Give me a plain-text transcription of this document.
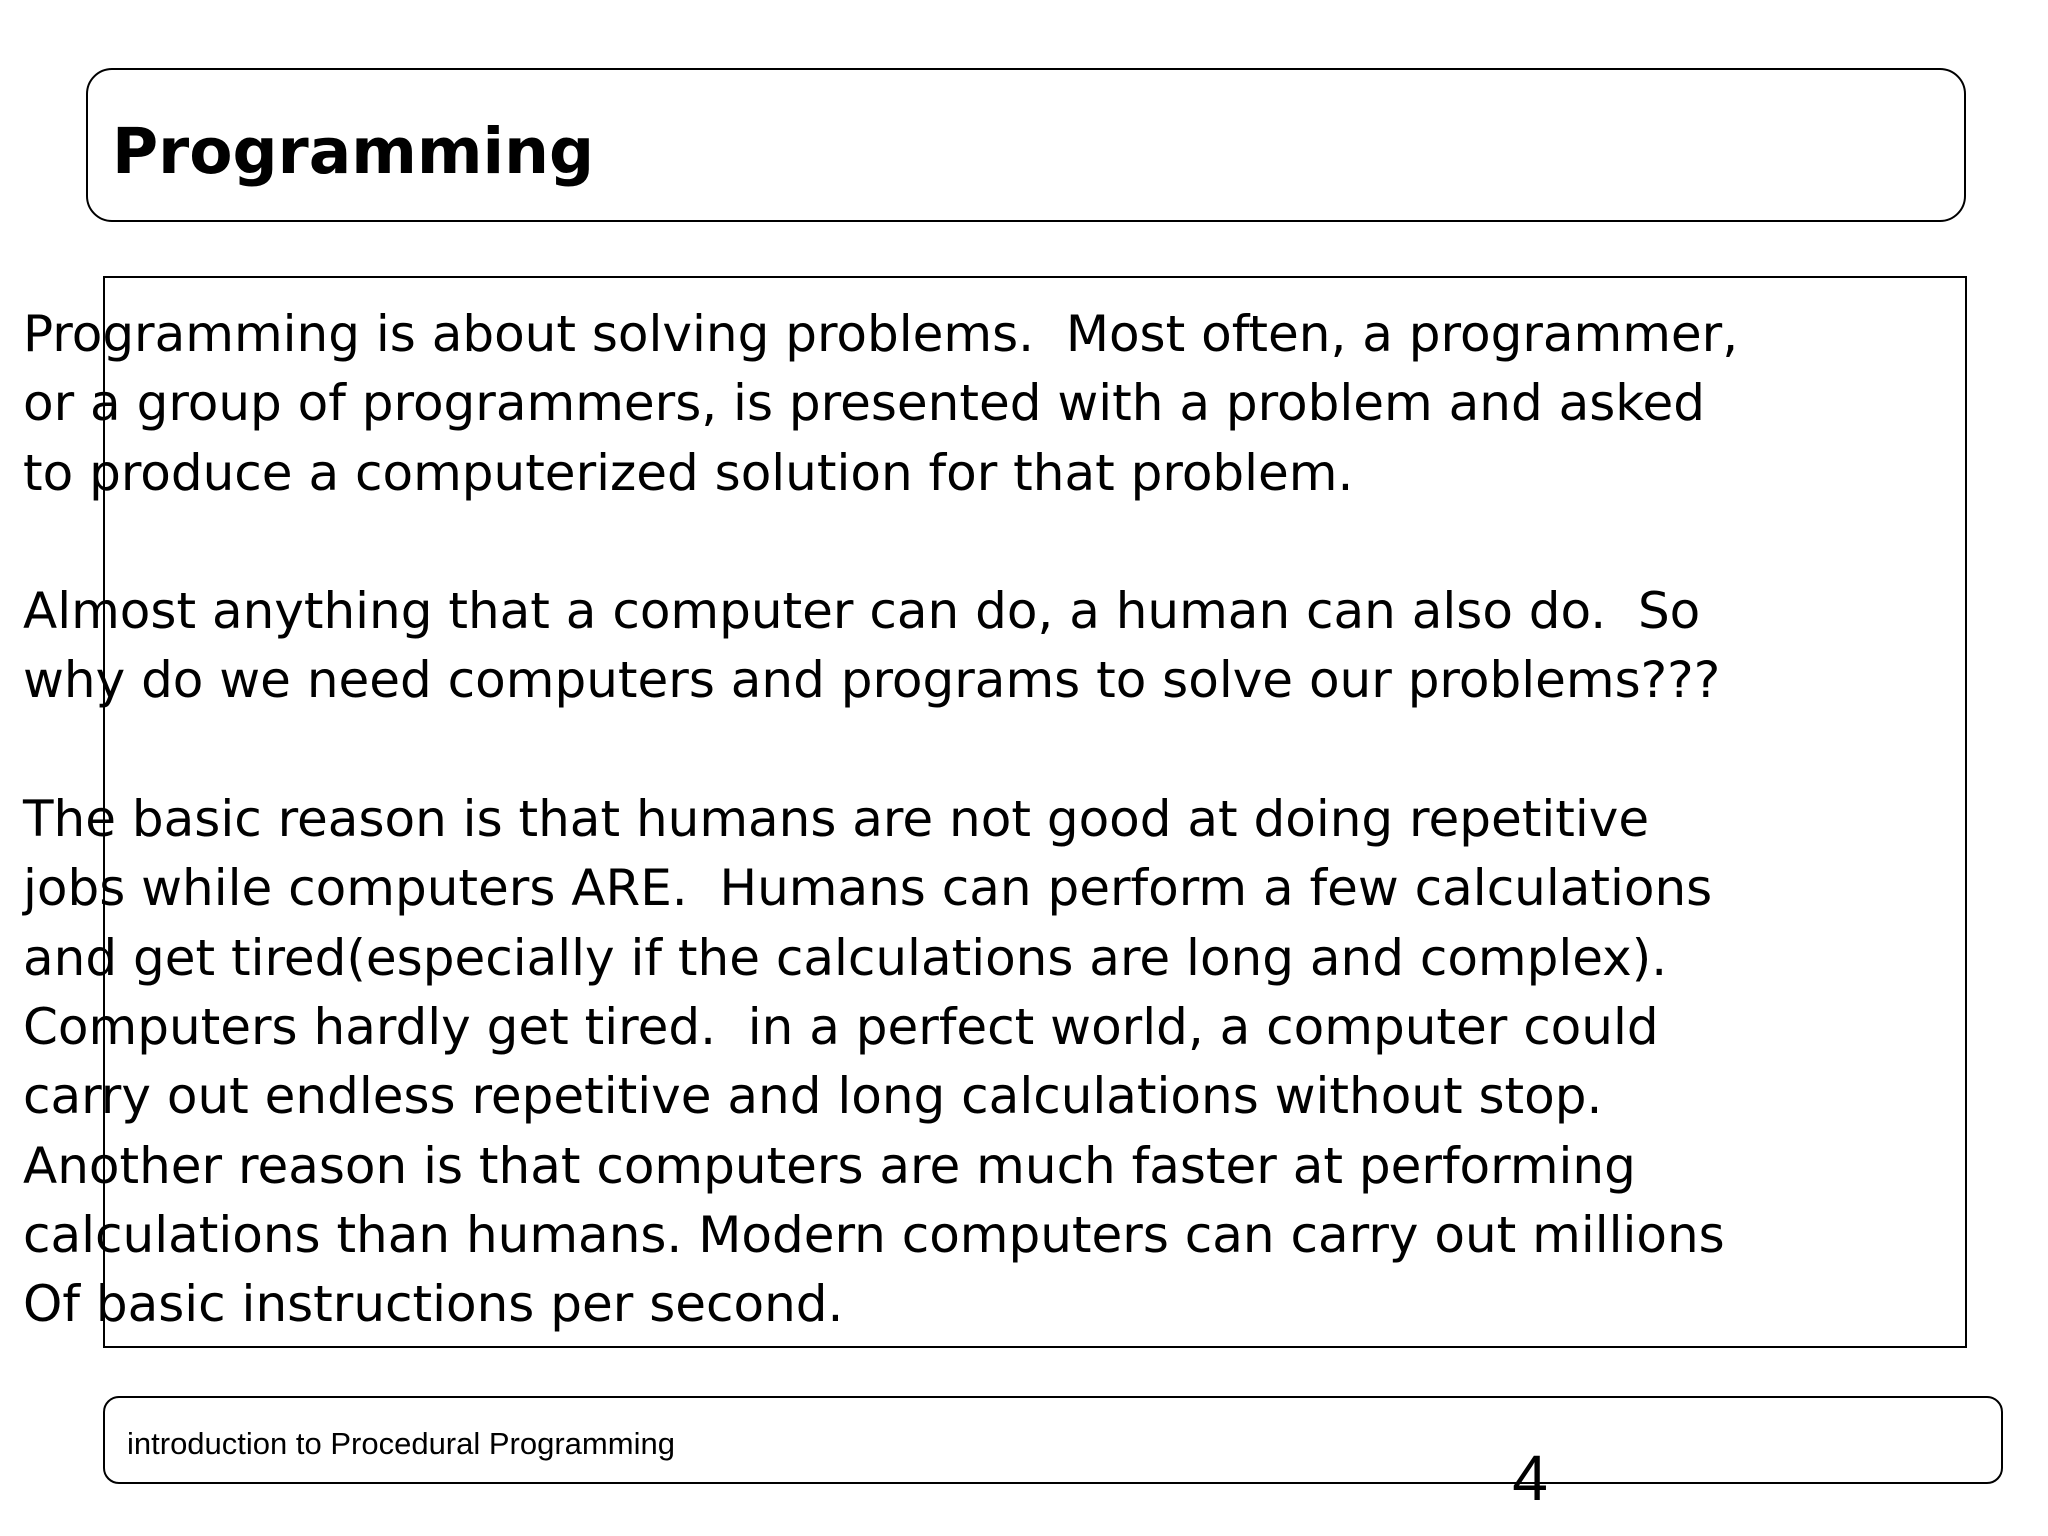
Programming

Programming is about solving problems.  Most often, a programmer,
or a group of programmers, is presented with a problem and asked
to produce a computerized solution for that problem.

Almost anything that a computer can do, a human can also do.  So
why do we need computers and programs to solve our problems???

The basic reason is that humans are not good at doing repetitive
jobs while computers ARE.  Humans can perform a few calculations
and get tired(especially if the calculations are long and complex).
Computers hardly get tired.  in a perfect world, a computer could
carry out endless repetitive and long calculations without stop.
Another reason is that computers are much faster at performing
calculations than humans. Modern computers can carry out millions
Of basic instructions per second.

introduction to Procedural Programming	4
